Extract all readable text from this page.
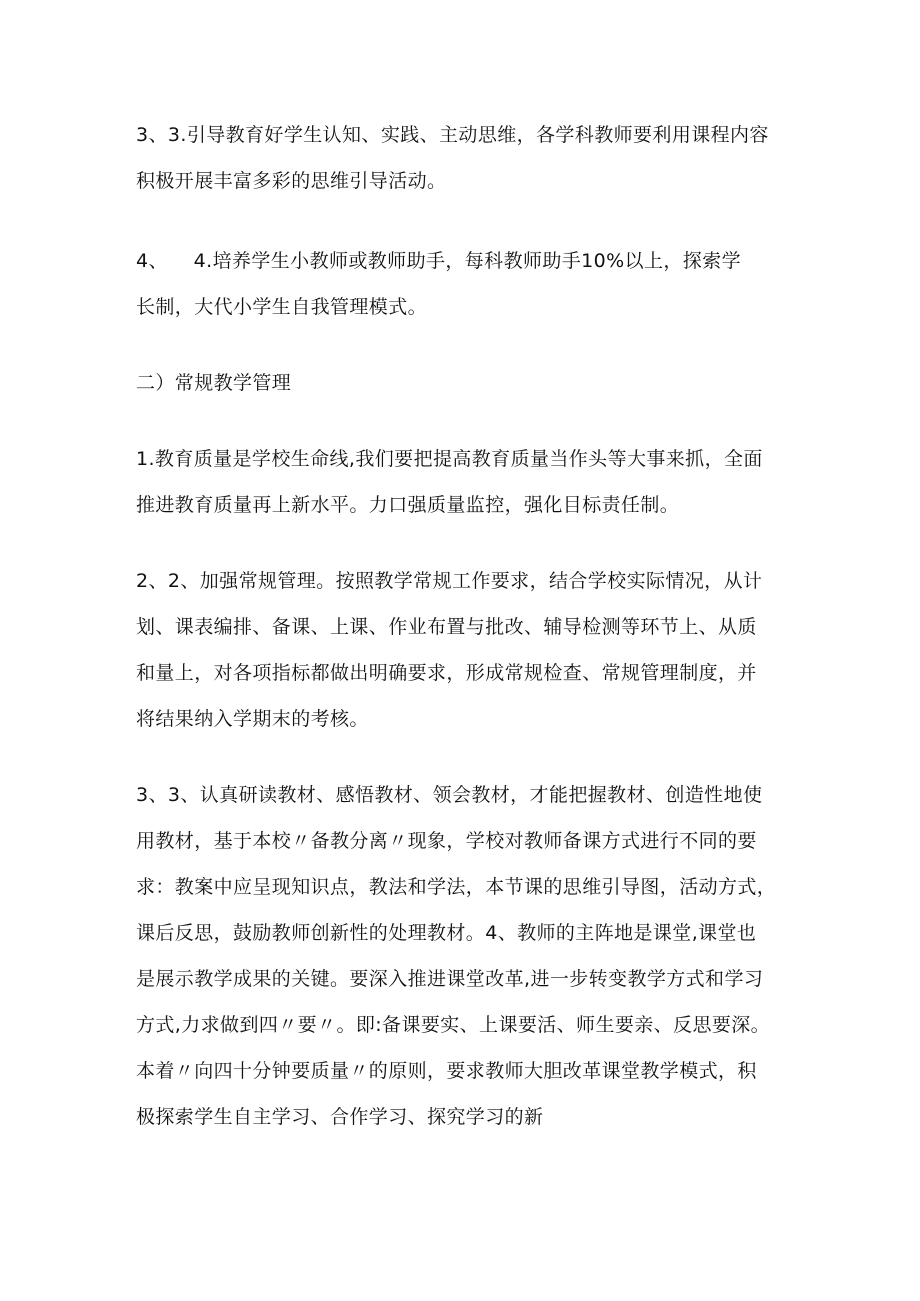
3、3.引导教育好学生认知、实践、主动思维，各学科教师要利用课程内容
积极开展丰富多彩的思维引导活动。

4、    4.培养学生小教师或教师助手，每科教师助手10%以上，探索学
长制，大代小学生自我管理模式。

二）常规教学管理

1.教育质量是学校生命线,我们要把提高教育质量当作头等大事来抓，全面
推进教育质量再上新水平。力口强质量监控，强化目标责任制。

2、2、加强常规管理。按照教学常规工作要求，结合学校实际情况，从计
划、课表编排、备课、上课、作业布置与批改、辅导检测等环节上、从质
和量上，对各项指标都做出明确要求，形成常规检查、常规管理制度，并
将结果纳入学期末的考核。

3、3、认真研读教材、感悟教材、领会教材，才能把握教材、创造性地使
用教材，基于本校〃备教分离〃现象，学校对教师备课方式进行不同的要
求：教案中应呈现知识点，教法和学法，本节课的思维引导图，活动方式，
课后反思，鼓励教师创新性的处理教材。4、教师的主阵地是课堂,课堂也
是展示教学成果的关键。要深入推进课堂改革,进一步转变教学方式和学习
方式,力求做到四〃要〃。即:备课要实、上课要活、师生要亲、反思要深。
本着〃向四十分钟要质量〃的原则，要求教师大胆改革课堂教学模式，积
极探索学生自主学习、合作学习、探究学习的新
